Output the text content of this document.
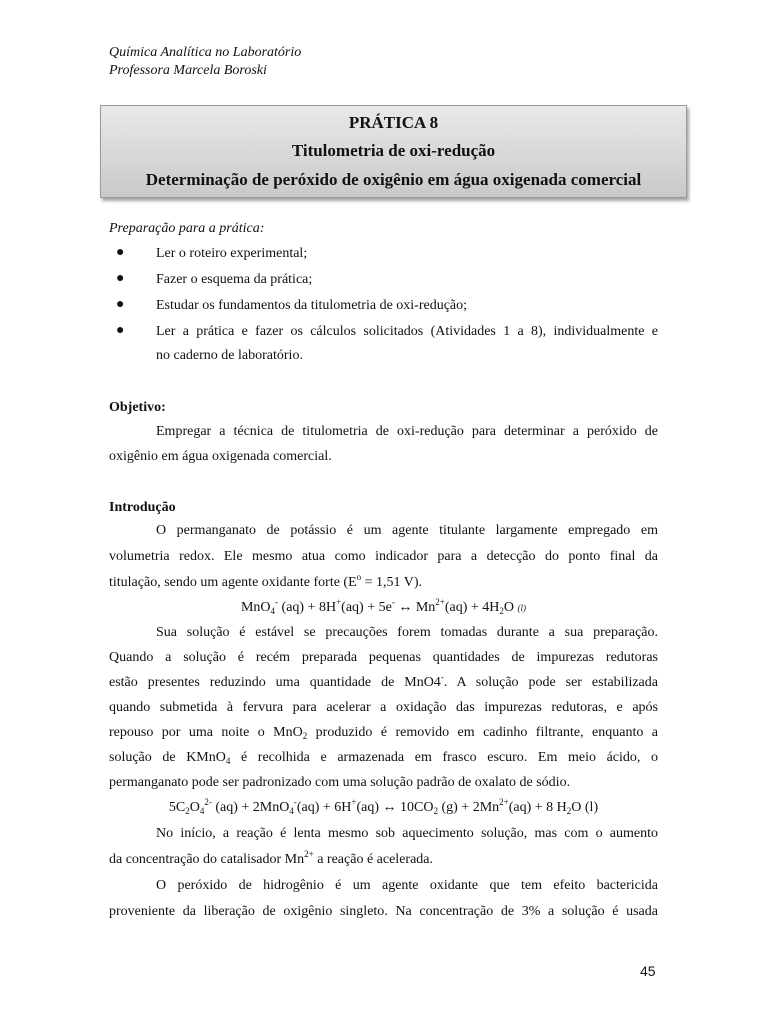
Química Analítica no Laboratório
Professora Marcela Boroski
PRÁTICA 8
Titulometria de oxi-redução
Determinação de peróxido de oxigênio em água oxigenada comercial
Preparação para a prática:
● Ler o roteiro experimental;
● Fazer o esquema da prática;
● Estudar os fundamentos da titulometria de oxi-redução;
● Ler a prática e fazer os cálculos solicitados (Atividades 1 a 8), individualmente e
no caderno de laboratório.
Objetivo:
Empregar a técnica de titulometria de oxi-redução para determinar a peróxido de
oxigênio em água oxigenada comercial.
Introdução
O permanganato de potássio é um agente titulante largamente empregado em
volumetria redox. Ele mesmo atua como indicador para a detecção do ponto final da
titulação, sendo um agente oxidante forte ($E^o = 1,51$ V).
MnO$_4$- (aq) + 8H+(aq) + 5e- ↔ $Mn^{2+}(aq) + 4H_2O$ (l)
Sua solução é estável se precauções forem tomadas durante a sua preparação.
Quando a solução é recém preparada pequenas quantidades de impurezas redutoras
estão presentes reduzindo uma quantidade de MnO4-. A solução pode ser estabilizada
quando submetida à fervura para acelerar a oxidação das impurezas redutoras, e após
repouso por uma noite o MnO$_2$ produzido é removido em cadinho filtrante, enquanto a
solução de KMnO$_4$ é recolhida e armazenada em frasco escuro. Em meio ácido, o
permanganato pode ser padronizado com uma solução padrão de oxalato de sódio.
$5C_2O_4^{2-}$ (aq) + 2MnO$_4$-(aq) + 6H+(aq) ↔ $10CO_2$ $(g) + 2Mn^{2+}(aq) + 8$ $H_2O$ (l)
No início, a reação é lenta mesmo sob aquecimento solução, mas com o aumento
da concentração do catalisador $Mn^{2+}$ a reação é acelerada.
O peróxido de hidrogênio é um agente oxidante que tem efeito bactericida
proveniente da liberação de oxigênio singleto. Na concentração de 3% a solução é usada
45
